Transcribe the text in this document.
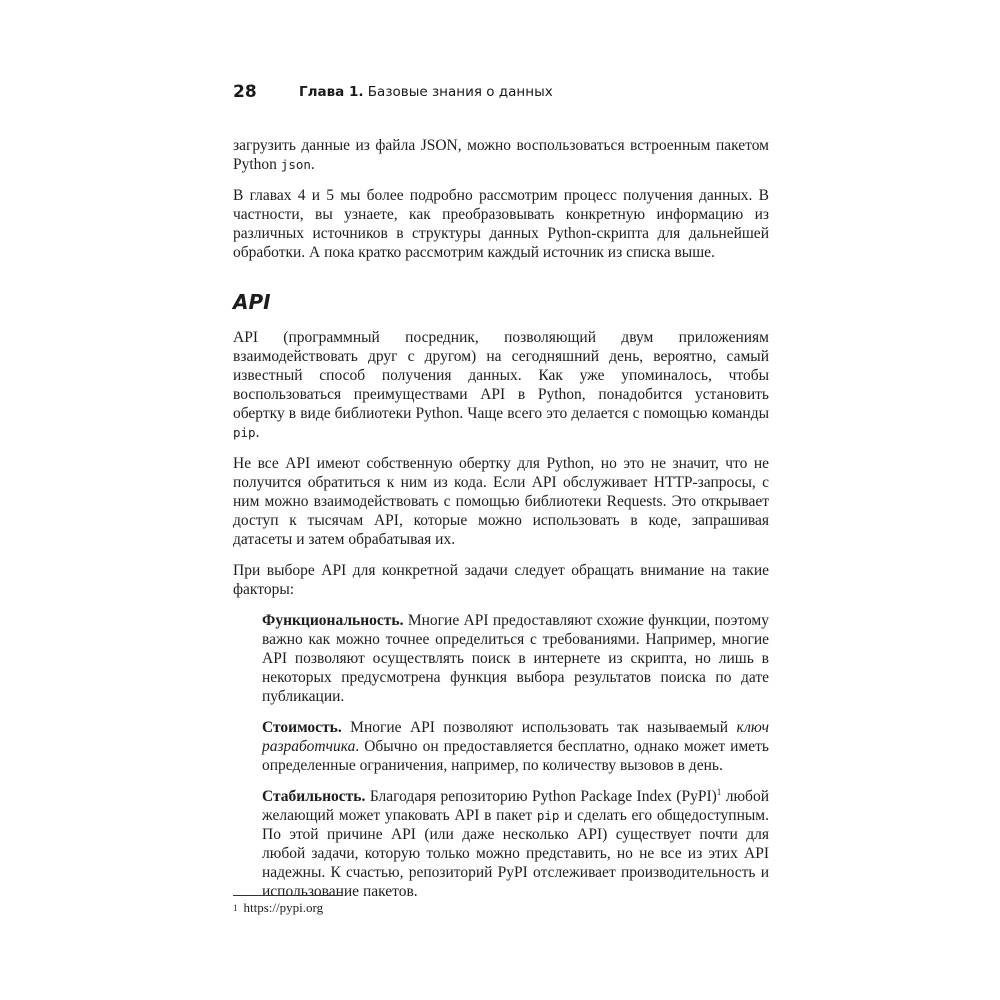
28	Глава 1. Базовые знания о данных

загрузить данные из файла JSON, можно воспользоваться встроенным пакетом Python json.

В главах 4 и 5 мы более подробно рассмотрим процесс получения данных. В частности, вы узнаете, как преобразовывать конкретную информацию из различных источников в структуры данных Python-скрипта для дальнейшей обработки. А пока кратко рассмотрим каждый источник из списка выше.

API

API (программный посредник, позволяющий двум приложениям взаимодействовать друг с другом) на сегодняшний день, вероятно, самый известный способ получения данных. Как уже упоминалось, чтобы воспользоваться преимуществами API в Python, понадобится установить обертку в виде библиотеки Python. Чаще всего это делается с помощью команды pip.

Не все API имеют собственную обертку для Python, но это не значит, что не получится обратиться к ним из кода. Если API обслуживает HTTP-запросы, с ним можно взаимодействовать с помощью библиотеки Requests. Это открывает доступ к тысячам API, которые можно использовать в коде, запрашивая датасеты и затем обрабатывая их.

При выборе API для конкретной задачи следует обращать внимание на такие факторы:

Функциональность. Многие API предоставляют схожие функции, поэтому важно как можно точнее определиться с требованиями. Например, многие API позволяют осуществлять поиск в интернете из скрипта, но лишь в некоторых предусмотрена функция выбора результатов поиска по дате публикации.

Стоимость. Многие API позволяют использовать так называемый ключ разработчика. Обычно он предоставляется бесплатно, однако может иметь определенные ограничения, например, по количеству вызовов в день.

Стабильность. Благодаря репозиторию Python Package Index (PyPI)$^1$ любой желающий может упаковать API в пакет pip и сделать его общедоступным. По этой причине API (или даже несколько API) существует почти для любой задачи, которую только можно представить, но не все из этих API надежны. К счастью, репозиторий PyPI отслеживает производительность и использование пакетов.

$^1$ https://pypi.org
